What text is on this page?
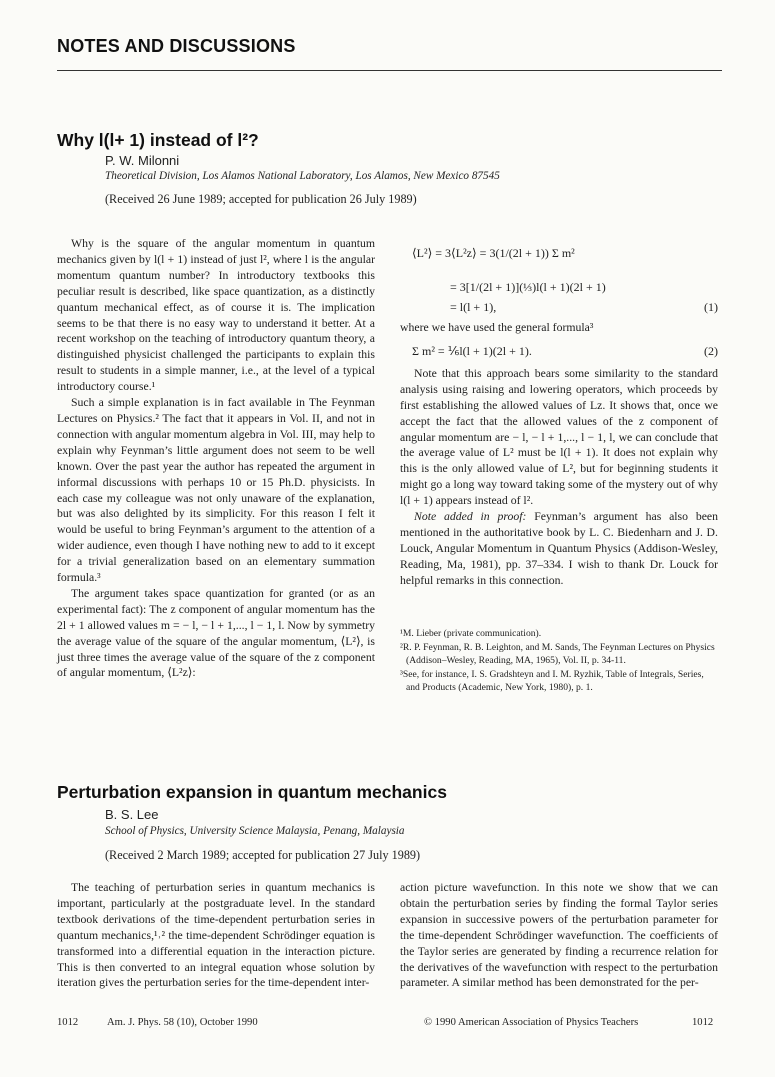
NOTES AND DISCUSSIONS
Why l(l+ 1) instead of l²?
P. W. Milonni
Theoretical Division, Los Alamos National Laboratory, Los Alamos, New Mexico 87545
(Received 26 June 1989; accepted for publication 26 July 1989)

Why is the square of the angular momentum in quantum mechanics given by l(l + 1) instead of just l², where l is the angular momentum quantum number? In introductory textbooks this peculiar result is described, like space quantization, as a distinctly quantum mechanical effect, as of course it is. The implication seems to be that there is no easy way to understand it better. At a recent workshop on the teaching of introductory quantum theory, a distinguished physicist challenged the participants to explain this result to students in a simple manner, i.e., at the level of a typical introductory course.¹

Such a simple explanation is in fact available in The Feynman Lectures on Physics.² The fact that it appears in Vol. II, and not in connection with angular momentum algebra in Vol. III, may help to explain why Feynman’s little argument does not seem to be well known. Over the past year the author has repeated the argument in informal discussions with perhaps 10 or 15 Ph.D. physicists. In each case my colleague was not only unaware of the explanation, but was also delighted by its simplicity. For this reason I felt it would be useful to bring Feynman’s argument to the attention of a wider audience, even though I have nothing new to add to it except for a trivial generalization based on an elementary summation formula.³

The argument takes space quantization for granted (or as an experimental fact): The z component of angular momentum has the 2l + 1 allowed values m = − l, − l + 1,..., l − 1, l. Now by symmetry the average value of the square of the angular momentum, ⟨L²⟩, is just three times the average value of the square of the z component of angular momentum, ⟨L²z⟩:

⟨L²⟩ = 3⟨L²z⟩ = 3(1/(2l + 1)) Σ m²
= 3[1/(2l + 1)](⅓)l(l + 1)(2l + 1)
= l(l + 1),	(1)

where we have used the general formula³

Σ m² = ⅙l(l + 1)(2l + 1).	(2)

Note that this approach bears some similarity to the standard analysis using raising and lowering operators, which proceeds by first establishing the allowed values of Lz. It shows that, once we accept the fact that the allowed values of the z component of angular momentum are − l, − l + 1,..., l − 1, l, we can conclude that the average value of L² must be l(l + 1). It does not explain why this is the only allowed value of L², but for beginning students it might go a long way toward taking some of the mystery out of why l(l + 1) appears instead of l².

Note added in proof: Feynman’s argument has also been mentioned in the authoritative book by L. C. Biedenharn and J. D. Louck, Angular Momentum in Quantum Physics (Addison-Wesley, Reading, Ma, 1981), pp. 37–334. I wish to thank Dr. Louck for helpful remarks in this connection.

¹M. Lieber (private communication).
²R. P. Feynman, R. B. Leighton, and M. Sands, The Feynman Lectures on Physics (Addison–Wesley, Reading, MA, 1965), Vol. II, p. 34-11.
³See, for instance, I. S. Gradshteyn and I. M. Ryzhik, Table of Integrals, Series, and Products (Academic, New York, 1980), p. 1.
Perturbation expansion in quantum mechanics
B. S. Lee
School of Physics, University Science Malaysia, Penang, Malaysia
(Received 2 March 1989; accepted for publication 27 July 1989)

The teaching of perturbation series in quantum mechanics is important, particularly at the postgraduate level. In the standard textbook derivations of the time-dependent perturbation series in quantum mechanics,¹˒² the time-dependent Schrödinger equation is transformed into a differential equation in the interaction picture. This is then converted to an integral equation whose solution by iteration gives the perturbation series for the time-dependent inter-

action picture wavefunction. In this note we show that we can obtain the perturbation series by finding the formal Taylor series expansion in successive powers of the perturbation parameter for the time-dependent Schrödinger wavefunction. The coefficients of the Taylor series are generated by finding a recurrence relation for the derivatives of the wavefunction with respect to the perturbation parameter. A similar method has been demonstrated for the per-

1012	Am. J. Phys. 58 (10), October 1990	© 1990 American Association of Physics Teachers	1012
